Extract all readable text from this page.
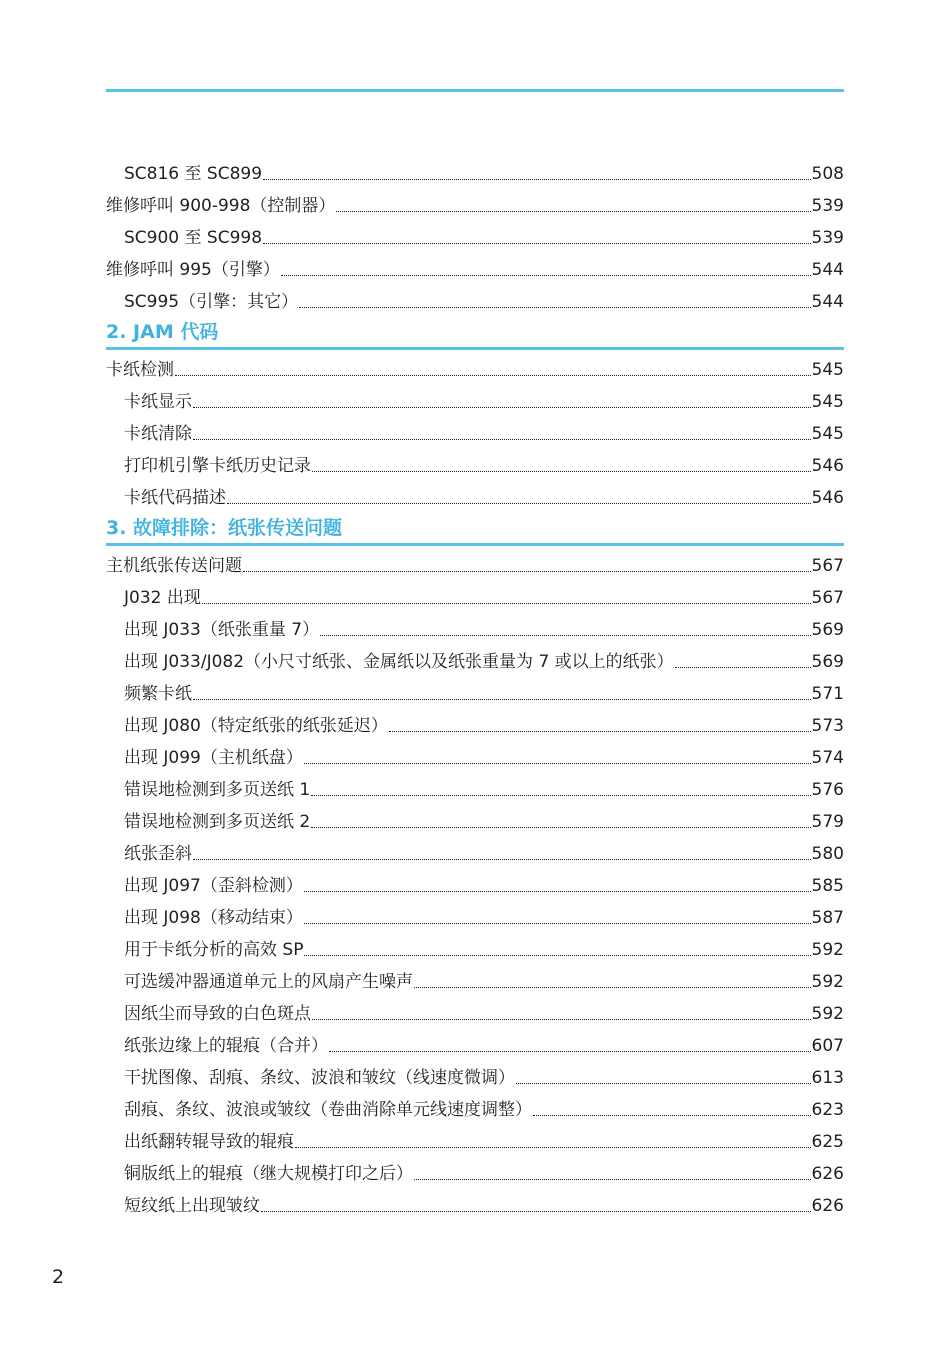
SC816 至 SC899	508
维修呼叫 900-998（控制器）	539
SC900 至 SC998	539
维修呼叫 995（引擎）	544
SC995（引擎：其它）	544
2. JAM 代码
卡纸检测	545
卡纸显示	545
卡纸清除	545
打印机引擎卡纸历史记录	546
卡纸代码描述	546
3. 故障排除：纸张传送问题
主机纸张传送问题	567
J032 出现	567
出现 J033（纸张重量 7）	569
出现 J033/J082（小尺寸纸张、金属纸以及纸张重量为 7 或以上的纸张）	569
频繁卡纸	571
出现 J080（特定纸张的纸张延迟）	573
出现 J099（主机纸盘）	574
错误地检测到多页送纸 1	576
错误地检测到多页送纸 2	579
纸张歪斜	580
出现 J097（歪斜检测）	585
出现 J098（移动结束）	587
用于卡纸分析的高效 SP	592
可选缓冲器通道单元上的风扇产生噪声	592
因纸尘而导致的白色斑点	592
纸张边缘上的辊痕（合并）	607
干扰图像、刮痕、条纹、波浪和皱纹（线速度微调）	613
刮痕、条纹、波浪或皱纹（卷曲消除单元线速度调整）	623
出纸翻转辊导致的辊痕	625
铜版纸上的辊痕（继大规模打印之后）	626
短纹纸上出现皱纹	626
2
